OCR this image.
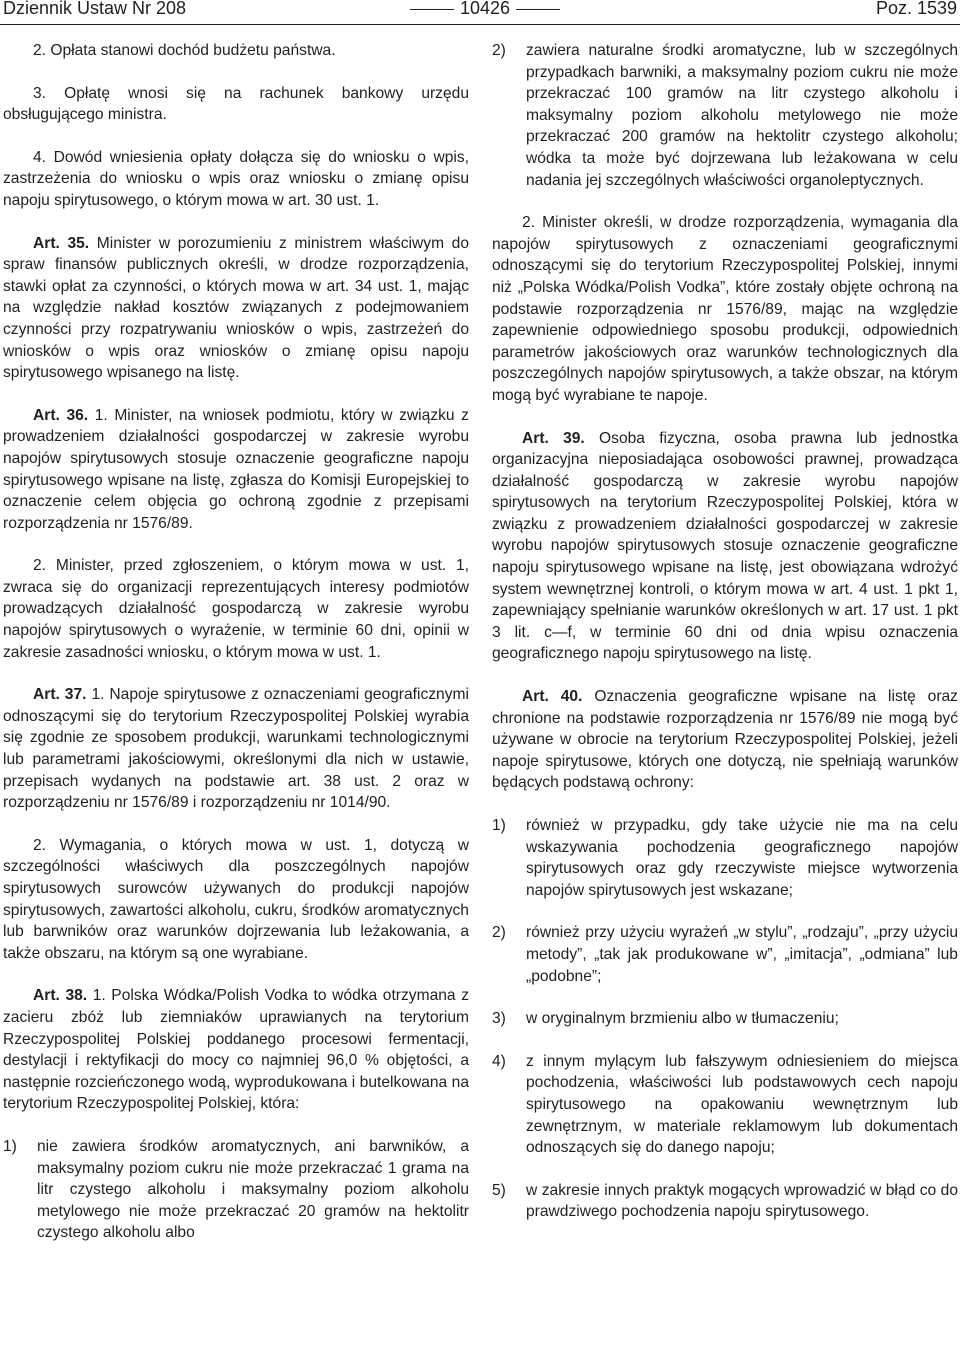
Dziennik Ustaw Nr 208	10426	Poz. 1539

2. Opłata stanowi dochód budżetu państwa.

3. Opłatę wnosi się na rachunek bankowy urzędu obsługującego ministra.

4. Dowód wniesienia opłaty dołącza się do wniosku o wpis, zastrzeżenia do wniosku o wpis oraz wniosku o zmianę opisu napoju spirytusowego, o którym mowa w art. 30 ust. 1.

Art. 35. Minister w porozumieniu z ministrem właściwym do spraw finansów publicznych określi, w drodze rozporządzenia, stawki opłat za czynności, o których mowa w art. 34 ust. 1, mając na względzie nakład kosztów związanych z podejmowaniem czynności przy rozpatrywaniu wniosków o wpis, zastrzeżeń do wniosków o wpis oraz wniosków o zmianę opisu napoju spirytusowego wpisanego na listę.

Art. 36. 1. Minister, na wniosek podmiotu, który w związku z prowadzeniem działalności gospodarczej w zakresie wyrobu napojów spirytusowych stosuje oznaczenie geograficzne napoju spirytusowego wpisane na listę, zgłasza do Komisji Europejskiej to oznaczenie celem objęcia go ochroną zgodnie z przepisami rozporządzenia nr 1576/89.

2. Minister, przed zgłoszeniem, o którym mowa w ust. 1, zwraca się do organizacji reprezentujących interesy podmiotów prowadzących działalność gospodarczą w zakresie wyrobu napojów spirytusowych o wyrażenie, w terminie 60 dni, opinii w zakresie zasadności wniosku, o którym mowa w ust. 1.

Art. 37. 1. Napoje spirytusowe z oznaczeniami geograficznymi odnoszącymi się do terytorium Rzeczypospolitej Polskiej wyrabia się zgodnie ze sposobem produkcji, warunkami technologicznymi lub parametrami jakościowymi, określonymi dla nich w ustawie, przepisach wydanych na podstawie art. 38 ust. 2 oraz w rozporządzeniu nr 1576/89 i rozporządzeniu nr 1014/90.

2. Wymagania, o których mowa w ust. 1, dotyczą w szczególności właściwych dla poszczególnych napojów spirytusowych surowców używanych do produkcji napojów spirytusowych, zawartości alkoholu, cukru, środków aromatycznych lub barwników oraz warunków dojrzewania lub leżakowania, a także obszaru, na którym są one wyrabiane.

Art. 38. 1. Polska Wódka/Polish Vodka to wódka otrzymana z zacieru zbóż lub ziemniaków uprawianych na terytorium Rzeczypospolitej Polskiej poddanego procesowi fermentacji, destylacji i rektyfikacji do mocy co najmniej 96,0 % objętości, a następnie rozcieńczonego wodą, wyprodukowana i butelkowana na terytorium Rzeczypospolitej Polskiej, która:

1) nie zawiera środków aromatycznych, ani barwników, a maksymalny poziom cukru nie może przekraczać 1 grama na litr czystego alkoholu i maksymalny poziom alkoholu metylowego nie może przekraczać 20 gramów na hektolitr czystego alkoholu albo
2) zawiera naturalne środki aromatyczne, lub w szczególnych przypadkach barwniki, a maksymalny poziom cukru nie może przekraczać 100 gramów na litr czystego alkoholu i maksymalny poziom alkoholu metylowego nie może przekraczać 200 gramów na hektolitr czystego alkoholu; wódka ta może być dojrzewana lub leżakowana w celu nadania jej szczególnych właściwości organoleptycznych.

2. Minister określi, w drodze rozporządzenia, wymagania dla napojów spirytusowych z oznaczeniami geograficznymi odnoszącymi się do terytorium Rzeczypospolitej Polskiej, innymi niż „Polska Wódka/Polish Vodka”, które zostały objęte ochroną na podstawie rozporządzenia nr 1576/89, mając na względzie zapewnienie odpowiedniego sposobu produkcji, odpowiednich parametrów jakościowych oraz warunków technologicznych dla poszczególnych napojów spirytusowych, a także obszar, na którym mogą być wyrabiane te napoje.

Art. 39. Osoba fizyczna, osoba prawna lub jednostka organizacyjna nieposiadająca osobowości prawnej, prowadząca działalność gospodarczą w zakresie wyrobu napojów spirytusowych na terytorium Rzeczypospolitej Polskiej, która w związku z prowadzeniem działalności gospodarczej w zakresie wyrobu napojów spirytusowych stosuje oznaczenie geograficzne napoju spirytusowego wpisane na listę, jest obowiązana wdrożyć system wewnętrznej kontroli, o którym mowa w art. 4 ust. 1 pkt 1, zapewniający spełnianie warunków określonych w art. 17 ust. 1 pkt 3 lit. c—f, w terminie 60 dni od dnia wpisu oznaczenia geograficznego napoju spirytusowego na listę.

Art. 40. Oznaczenia geograficzne wpisane na listę oraz chronione na podstawie rozporządzenia nr 1576/89 nie mogą być używane w obrocie na terytorium Rzeczypospolitej Polskiej, jeżeli napoje spirytusowe, których one dotyczą, nie spełniają warunków będących podstawą ochrony:

1) również w przypadku, gdy take użycie nie ma na celu wskazywania pochodzenia geograficznego napojów spirytusowych oraz gdy rzeczywiste miejsce wytworzenia napojów spirytusowych jest wskazane;
2) również przy użyciu wyrażeń „w stylu”, „rodzaju”, „przy użyciu metody”, „tak jak produkowane w”, „imitacja”, „odmiana” lub „podobne”;
3) w oryginalnym brzmieniu albo w tłumaczeniu;
4) z innym mylącym lub fałszywym odniesieniem do miejsca pochodzenia, właściwości lub podstawowych cech napoju spirytusowego na opakowaniu wewnętrznym lub zewnętrznym, w materiale reklamowym lub dokumentach odnoszących się do danego napoju;
5) w zakresie innych praktyk mogących wprowadzić w błąd co do prawdziwego pochodzenia napoju spirytusowego.
